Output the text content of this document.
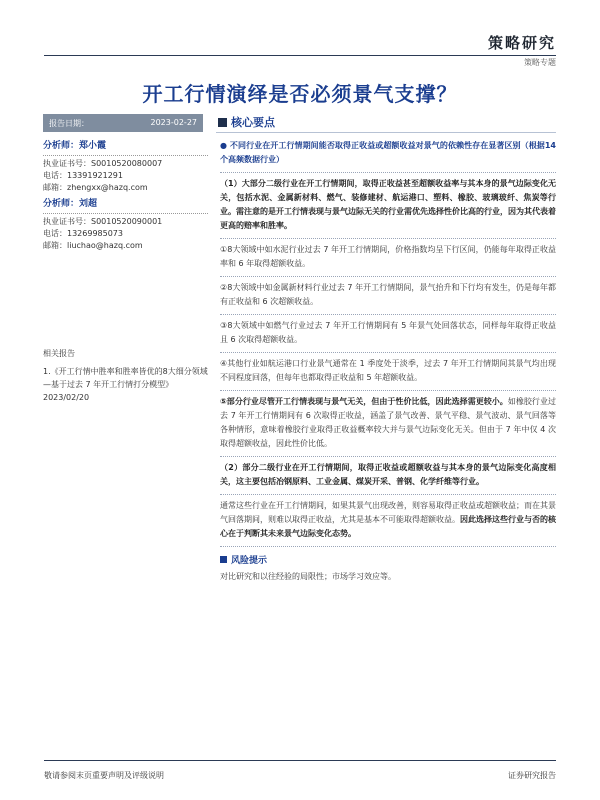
策略研究
策略专题
开工行情演绎是否必须景气支撑？
报告日期：	2023-02-27
分析师：郑小霞
执业证书号：S0010520080007
电话：13391921291
邮箱：zhengxx@hazq.com
分析师：刘超
执业证书号：S0010520090001
电话：13269985073
邮箱：liuchao@hazq.com
相关报告
1.《开工行情中胜率和胜率皆优的8大细分领域—基于过去 7 年开工行情打分模型》2023/02/20
核心要点
● 不同行业在开工行情期间能否取得正收益或超额收益对景气的依赖性存在显著区别（根据14个高频数据行业）
（1）大部分二级行业在开工行情期间，取得正收益甚至超额收益率与其本身的景气边际变化无关，包括水泥、金属新材料、燃气、装修建材、航运港口、塑料、橡胶、玻璃玻纤、焦炭等行业。需注意的是开工行情表现与景气边际无关的行业需优先选择性价比高的行业，因为其代表着更高的赔率和胜率。
①8大领域中如水泥行业过去 7 年开工行情期间，价格指数均呈下行区间，仍能每年取得正收益率和 6 年取得超额收益。
②8大领域中如金属新材料行业过去 7 年开工行情期间，景气抬升和下行均有发生，仍是每年都有正收益和 6 次超额收益。
③8大领域中如燃气行业过去 7 年开工行情期间有 5 年景气处回落状态，同样每年取得正收益且 6 次取得超额收益。
④其他行业如航运港口行业景气通常在 1 季度处于淡季，过去 7 年开工行情期间其景气均出现不同程度回落，但每年也都取得正收益和 5 年超额收益。
⑤部分行业尽管开工行情表现与景气无关，但由于性价比低，因此选择需更较小。如橡胶行业过去 7 年开工行情期间有 6 次取得正收益，涵盖了景气改善、景气平稳、景气波动、景气回落等各种情形，意味着橡胶行业取得正收益概率较大并与景气边际变化无关。但由于 7 年中仅 4 次取得超额收益，因此性价比低。
（2）部分二级行业在开工行情期间，取得正收益或超额收益与其本身的景气边际变化高度相关，这主要包括冶钢原料、工业金属、煤炭开采、普钢、化学纤维等行业。
通常这些行业在开工行情期间，如果其景气出现改善，则容易取得正收益或超额收益；而在其景气回落期间，则难以取得正收益，尤其是基本不可能取得超额收益。因此选择这些行业与否的核心在于判断其未来景气边际变化态势。
风险提示
对比研究和以往经验的局限性；市场学习效应等。
敬请参阅末页重要声明及评级说明	证券研究报告
